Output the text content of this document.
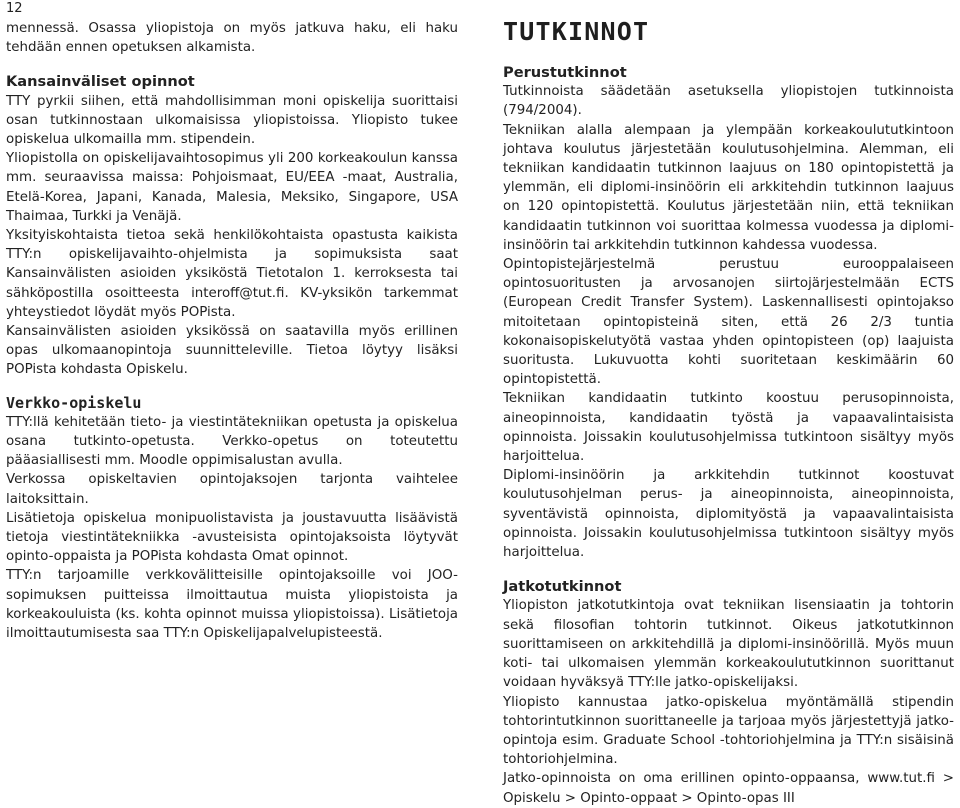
12

mennessä. Osassa yliopistoja on myös jatkuva haku, eli haku tehdään ennen opetuksen alkamista.

Kansainväliset opinnot

TTY pyrkii siihen, että mahdollisimman moni opiskelija suorittaisi osan tutkinnostaan ulkomaisissa yliopistoissa. Yliopisto tukee opiskelua ulkomailla mm. stipendein.

Yliopistolla on opiskelijavaihtosopimus yli 200 korkeakoulun kanssa mm. seuraavissa maissa: Pohjoismaat, EU/EEA -maat, Australia, Etelä-Korea, Japani, Kanada, Malesia, Meksiko, Singapore, USA Thaimaa, Turkki ja Venäjä.

Yksityiskohtaista tietoa sekä henkilökohtaista opastusta kaikista TTY:n opiskelijavaihto-ohjelmista ja sopimuksista saat Kansainvälisten asioiden yksiköstä Tietotalon 1. kerroksesta tai sähköpostilla osoitteesta interoff@tut.fi. KV-yksikön tarkemmat yhteystiedot löydät myös POPista.

Kansainvälisten asioiden yksikössä on saatavilla myös erillinen opas ulkomaanopintoja suunnitteleville. Tietoa löytyy lisäksi POPista kohdasta Opiskelu.

Verkko-opiskelu

TTY:llä kehitetään tieto- ja viestintätekniikan opetusta ja opiskelua osana tutkinto-opetusta. Verkko-opetus on toteutettu pääasiallisesti mm. Moodle oppimisalustan avulla.

Verkossa opiskeltavien opintojaksojen tarjonta vaihtelee laitoksittain.

Lisätietoja opiskelua monipuolistavista ja joustavuutta lisäävistä tietoja viestintätekniikka -avusteisista opintojaksoista löytyvät opinto-oppaista ja POPista kohdasta Omat opinnot.

TTY:n tarjoamille verkkovälitteisille opintojaksoille voi JOO-sopimuksen puitteissa ilmoittautua muista yliopistoista ja korkeakouluista (ks. kohta opinnot muissa yliopistoissa). Lisätietoja ilmoittautumisesta saa TTY:n Opiskelijapalvelupisteestä.

TUTKINNOT
Perustutkinnot

Tutkinnoista säädetään asetuksella yliopistojen tutkinnoista (794/2004).

Tekniikan alalla alempaan ja ylempään korkeakoulututkintoon johtava koulutus järjestetään koulutusohjelmina. Alemman, eli tekniikan kandidaatin tutkinnon laajuus on 180 opintopistettä ja ylemmän, eli diplomi-insinöörin eli arkkitehdin tutkinnon laajuus on 120 opintopistettä. Koulutus järjestetään niin, että tekniikan kandidaatin tutkinnon voi suorittaa kolmessa vuodessa ja diplomi-insinöörin tai arkkitehdin tutkinnon kahdessa vuodessa.

Opintopistejärjestelmä perustuu eurooppalaiseen opintosuoritusten ja arvosanojen siirtojärjestelmään ECTS (European Credit Transfer System). Laskennallisesti opintojakso mitoitetaan opintopisteinä siten, että 26 2/3 tuntia kokonaisopiskelutyötä vastaa yhden opintopisteen (op) laajuista suoritusta. Lukuvuotta kohti suoritetaan keskimäärin 60 opintopistettä.

Tekniikan kandidaatin tutkinto koostuu perusopinnoista, aineopinnoista, kandidaatin työstä ja vapaavalintaisista opinnoista. Joissakin koulutusohjelmissa tutkintoon sisältyy myös harjoittelua.

Diplomi-insinöörin ja arkkitehdin tutkinnot koostuvat koulutusohjelman perus- ja aineopinnoista, aineopinnoista, syventävistä opinnoista, diplomityöstä ja vapaavalintaisista opinnoista. Joissakin koulutusohjelmissa tutkintoon sisältyy myös harjoittelua.

Jatkotutkinnot

Yliopiston jatkotutkintoja ovat tekniikan lisensiaatin ja tohtorin sekä filosofian tohtorin tutkinnot. Oikeus jatkotutkinnon suorittamiseen on arkkitehdillä ja diplomi-insinöörillä. Myös muun koti- tai ulkomaisen ylemmän korkeakoulututkinnon suorittanut voidaan hyväksyä TTY:lle jatko-opiskelijaksi.

Yliopisto kannustaa jatko-opiskelua myöntämällä stipendin tohtorintutkinnon suorittaneelle ja tarjoaa myös järjestettyjä jatko-opintoja esim. Graduate School -tohtoriohjelmina ja TTY:n sisäisinä tohtoriohjelmina.

Jatko-opinnoista on oma erillinen opinto-oppaansa, www.tut.fi > Opiskelu > Opinto-oppaat > Opinto-opas III
